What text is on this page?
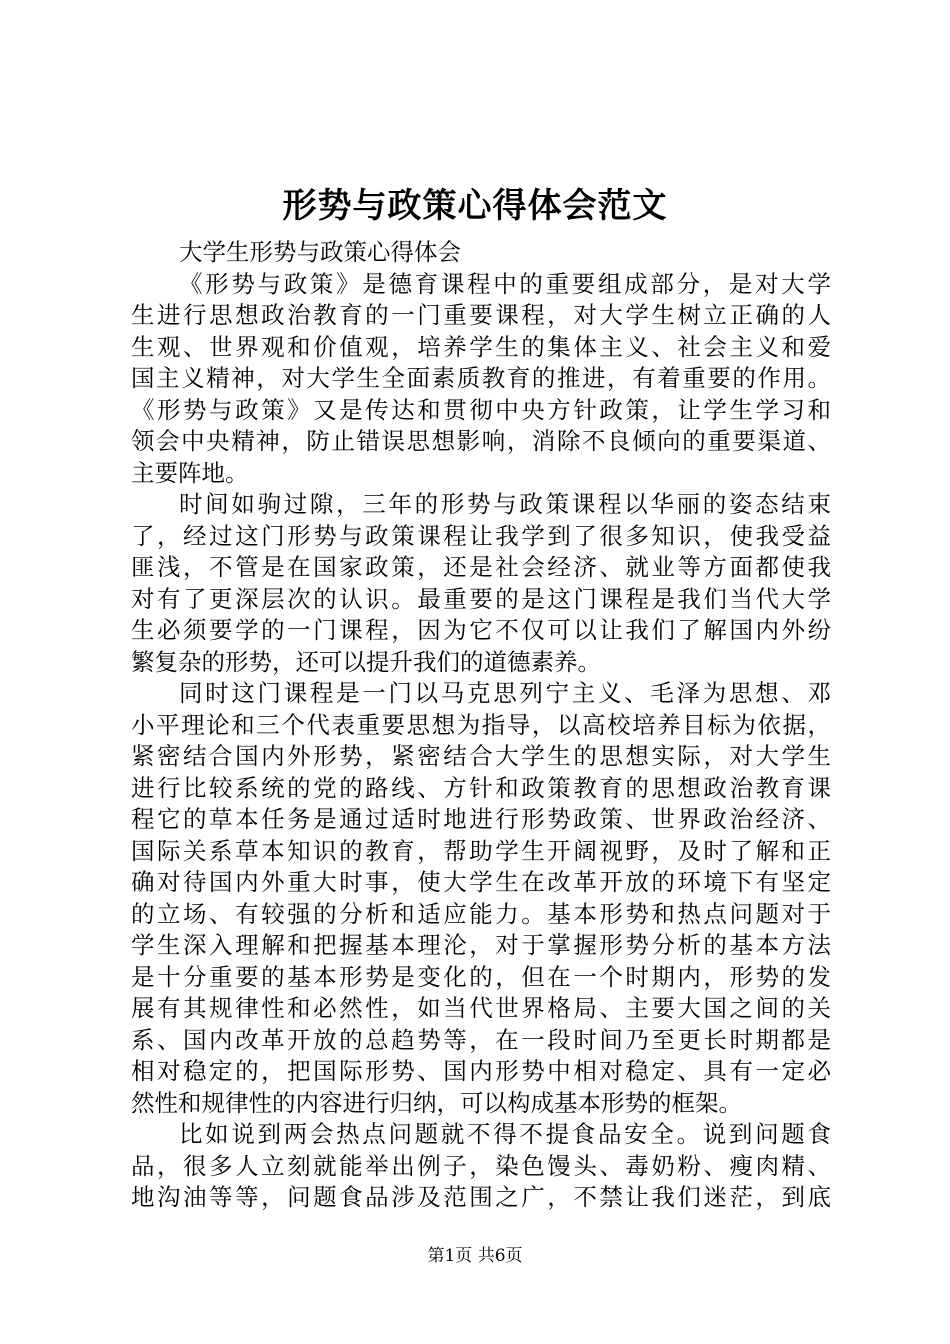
形势与政策心得体会范文
大学生形势与政策心得体会
《形势与政策》是德育课程中的重要组成部分，是对大学
生进行思想政治教育的一门重要课程，对大学生树立正确的人
生观、世界观和价值观，培养学生的集体主义、社会主义和爱
国主义精神，对大学生全面素质教育的推进，有着重要的作用。
《形势与政策》又是传达和贯彻中央方针政策，让学生学习和
领会中央精神，防止错误思想影响，消除不良倾向的重要渠道、
主要阵地。
时间如驹过隙，三年的形势与政策课程以华丽的姿态结束
了，经过这门形势与政策课程让我学到了很多知识，使我受益
匪浅，不管是在国家政策，还是社会经济、就业等方面都使我
对有了更深层次的认识。最重要的是这门课程是我们当代大学
生必须要学的一门课程，因为它不仅可以让我们了解国内外纷
繁复杂的形势，还可以提升我们的道德素养。
同时这门课程是一门以马克思列宁主义、毛泽为思想、邓
小平理论和三个代表重要思想为指导，以高校培养目标为依据，
紧密结合国内外形势，紧密结合大学生的思想实际，对大学生
进行比较系统的党的路线、方针和政策教育的思想政治教育课
程它的草本任务是通过适时地进行形势政策、世界政治经济、
国际关系草本知识的教育，帮助学生开阔视野，及时了解和正
确对待国内外重大时事，使大学生在改革开放的环境下有坚定
的立场、有较强的分析和适应能力。基本形势和热点问题对于
学生深入理解和把握基本理沦，对于掌握形势分析的基本方法
是十分重要的基本形势是变化的，但在一个时期内，形势的发
展有其规律性和必然性，如当代世界格局、主要大国之间的关
系、国内改革开放的总趋势等，在一段时间乃至更长时期都是
相对稳定的，把国际形势、国内形势中相对稳定、具有一定必
然性和规律性的内容进行归纳，可以构成基本形势的框架。
比如说到两会热点问题就不得不提食品安全。说到问题食
品，很多人立刻就能举出例子，染色馒头、毒奶粉、瘦肉精、
地沟油等等，问题食品涉及范围之广，不禁让我们迷茫，到底
第1页 共6页
